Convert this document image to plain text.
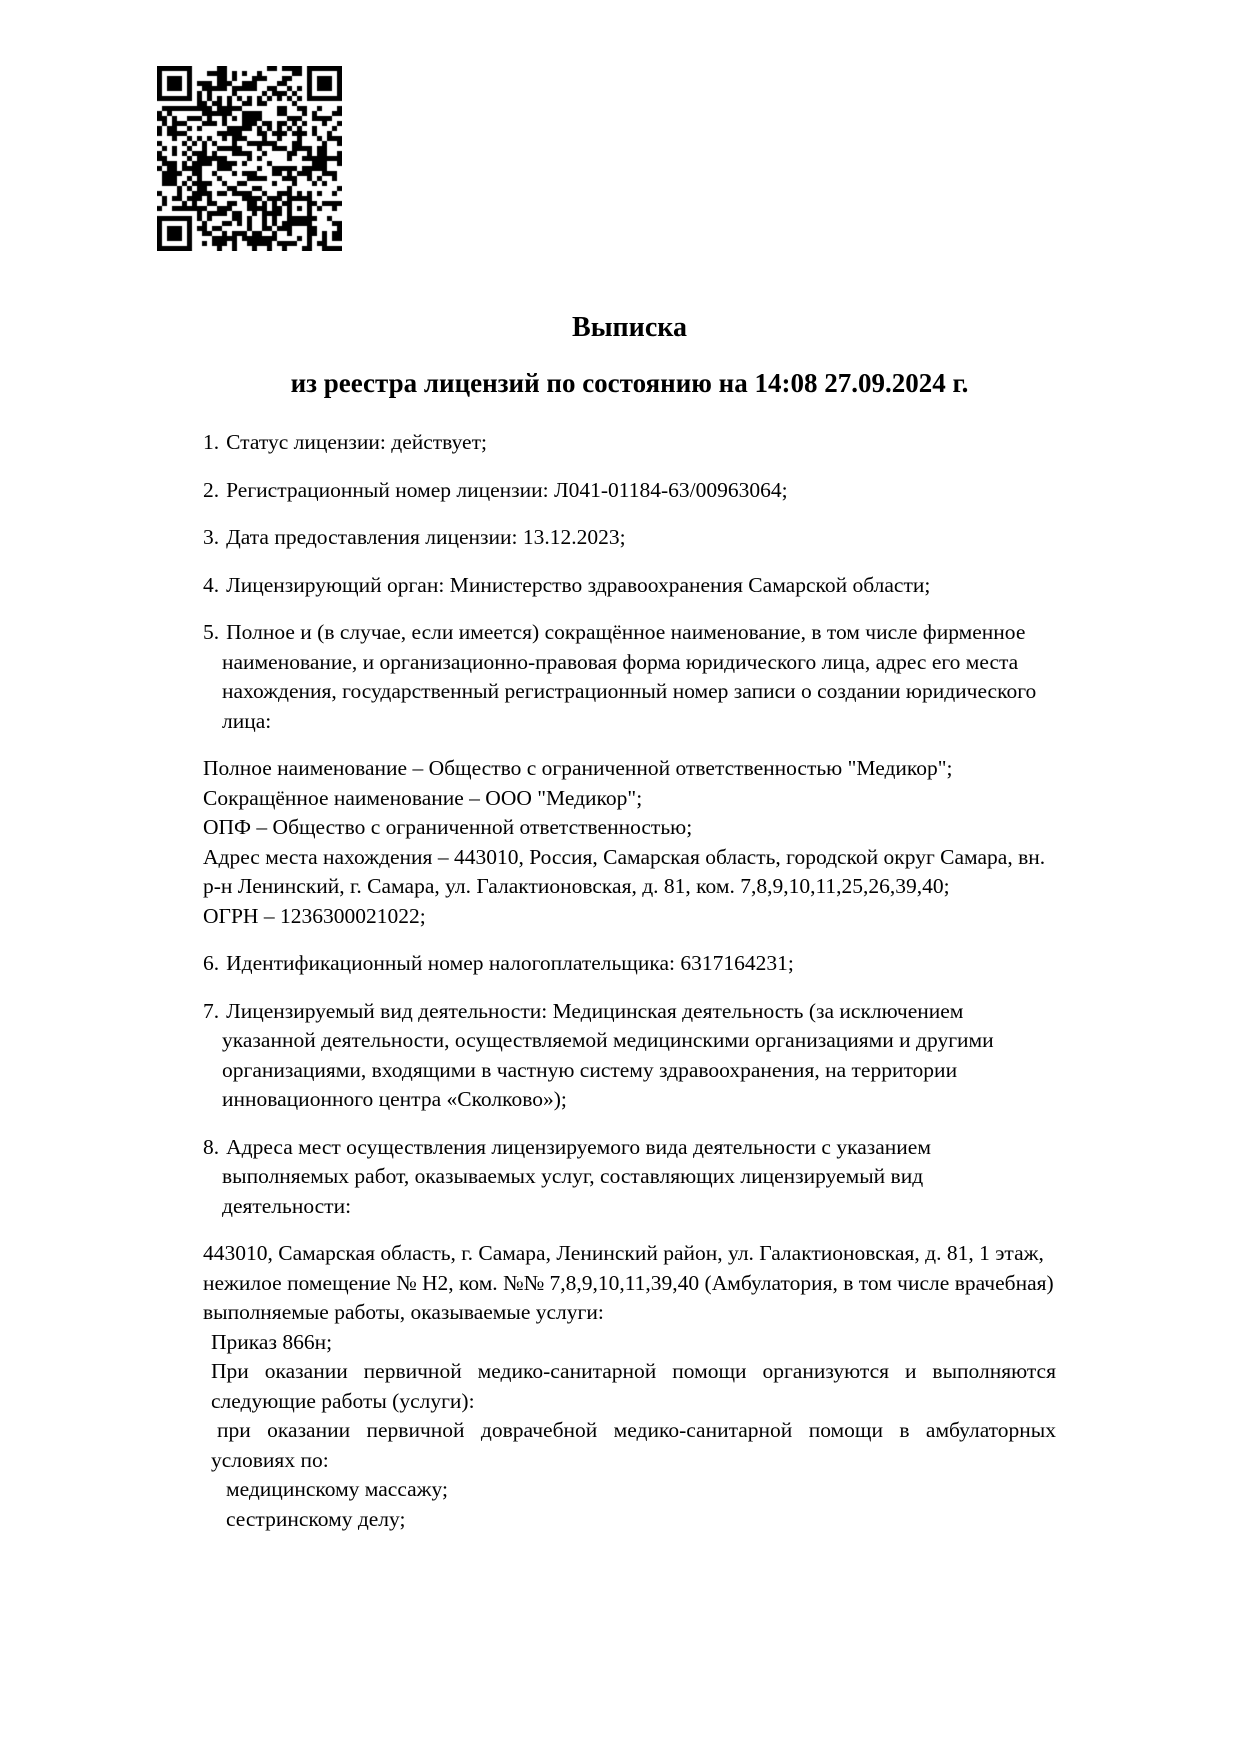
Выписка

из реестра лицензий по состоянию на 14:08 27.09.2024 г.

1. Статус лицензии: действует;

2. Регистрационный номер лицензии: Л041-01184-63/00963064;

3. Дата предоставления лицензии: 13.12.2023;

4. Лицензирующий орган: Министерство здравоохранения Самарской области;

5. Полное и (в случае, если имеется) сокращённое наименование, в том числе фирменное наименование, и организационно-правовая форма юридического лица, адрес его места нахождения, государственный регистрационный номер записи о создании юридического лица:

Полное наименование – Общество с ограниченной ответственностью "Медикор";

Сокращённое наименование – ООО "Медикор";

ОПФ – Общество с ограниченной ответственностью;

Адрес места нахождения – 443010, Россия, Самарская область, городской округ Самара, вн. р-н Ленинский, г. Самара, ул. Галактионовская, д. 81, ком. 7,8,9,10,11,25,26,39,40;

ОГРН – 1236300021022;

6. Идентификационный номер налогоплательщика: 6317164231;

7. Лицензируемый вид деятельности: Медицинская деятельность (за исключением указанной деятельности, осуществляемой медицинскими организациями и другими организациями, входящими в частную систему здравоохранения, на территории инновационного центра «Сколково»);

8. Адреса мест осуществления лицензируемого вида деятельности с указанием выполняемых работ, оказываемых услуг, составляющих лицензируемый вид деятельности:

443010, Самарская область, г. Самара, Ленинский район, ул. Галактионовская, д. 81, 1 этаж, нежилое помещение № Н2, ком. №№ 7,8,9,10,11,39,40 (Амбулатория, в том числе врачебная)

выполняемые работы, оказываемые услуги:

Приказ 866н;

При оказании первичной медико-санитарной помощи организуются и выполняются следующие работы (услуги):

при оказании первичной доврачебной медико-санитарной помощи в амбулаторных условиях по:

медицинскому массажу;

сестринскому делу;
